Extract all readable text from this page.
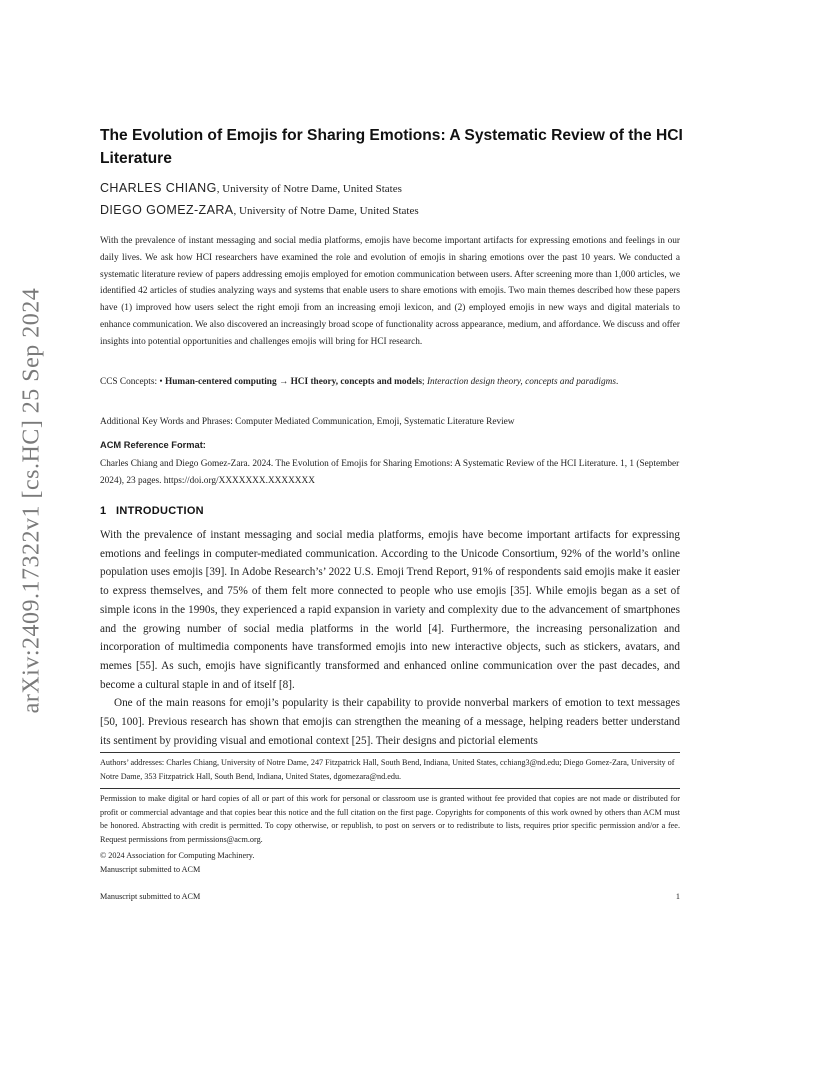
arXiv:2409.17322v1 [cs.HC] 25 Sep 2024
The Evolution of Emojis for Sharing Emotions: A Systematic Review of the HCI Literature
CHARLES CHIANG, University of Notre Dame, United States
DIEGO GOMEZ-ZARA, University of Notre Dame, United States
With the prevalence of instant messaging and social media platforms, emojis have become important artifacts for expressing emotions and feelings in our daily lives. We ask how HCI researchers have examined the role and evolution of emojis in sharing emotions over the past 10 years. We conducted a systematic literature review of papers addressing emojis employed for emotion communication between users. After screening more than 1,000 articles, we identified 42 articles of studies analyzing ways and systems that enable users to share emotions with emojis. Two main themes described how these papers have (1) improved how users select the right emoji from an increasing emoji lexicon, and (2) employed emojis in new ways and digital materials to enhance communication. We also discovered an increasingly broad scope of functionality across appearance, medium, and affordance. We discuss and offer insights into potential opportunities and challenges emojis will bring for HCI research.
CCS Concepts: • Human-centered computing → HCI theory, concepts and models; Interaction design theory, concepts and paradigms.
Additional Key Words and Phrases: Computer Mediated Communication, Emoji, Systematic Literature Review
ACM Reference Format:
Charles Chiang and Diego Gomez-Zara. 2024. The Evolution of Emojis for Sharing Emotions: A Systematic Review of the HCI Literature. 1, 1 (September 2024), 23 pages. https://doi.org/XXXXXXX.XXXXXXX
1 INTRODUCTION

With the prevalence of instant messaging and social media platforms, emojis have become important artifacts for expressing emotions and feelings in computer-mediated communication. According to the Unicode Consortium, 92% of the world’s online population uses emojis [39]. In Adobe Research’s’ 2022 U.S. Emoji Trend Report, 91% of respondents said emojis make it easier to express themselves, and 75% of them felt more connected to people who use emojis [35]. While emojis began as a set of simple icons in the 1990s, they experienced a rapid expansion in variety and complexity due to the advancement of smartphones and the growing number of social media platforms in the world [4]. Furthermore, the increasing personalization and incorporation of multimedia components have transformed emojis into new interactive objects, such as stickers, avatars, and memes [55]. As such, emojis have significantly transformed and enhanced online communication over the past decades, and become a cultural staple in and of itself [8].

One of the main reasons for emoji’s popularity is their capability to provide nonverbal markers of emotion to text messages [50, 100]. Previous research has shown that emojis can strengthen the meaning of a message, helping readers better understand its sentiment by providing visual and emotional context [25]. Their designs and pictorial elements

Authors’ addresses: Charles Chiang, University of Notre Dame, 247 Fitzpatrick Hall, South Bend, Indiana, United States, cchiang3@nd.edu; Diego Gomez-Zara, University of Notre Dame, 353 Fitzpatrick Hall, South Bend, Indiana, United States, dgomezara@nd.edu.
Permission to make digital or hard copies of all or part of this work for personal or classroom use is granted without fee provided that copies are not made or distributed for profit or commercial advantage and that copies bear this notice and the full citation on the first page. Copyrights for components of this work owned by others than ACM must be honored. Abstracting with credit is permitted. To copy otherwise, or republish, to post on servers or to redistribute to lists, requires prior specific permission and/or a fee. Request permissions from permissions@acm.org.
© 2024 Association for Computing Machinery.
Manuscript submitted to ACM
Manuscript submitted to ACM	1
